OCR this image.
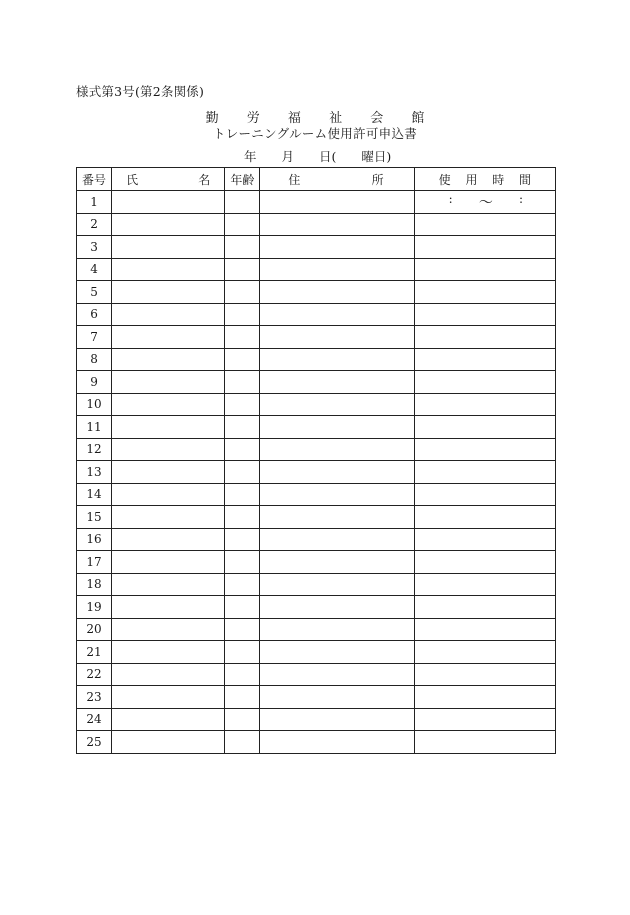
様式第3号(第2条関係)
勤 労 福 祉 会 館
トレーニングルーム使用許可申込書
年　　月　　日(　　曜日)
番号	氏 名	年齢	住 所	使 用 時 間

1				: 〜 :

2				
3				
4				
5				
6				
7				
8				
9				
10				
11				
12				
13				
14				
15				
16				
17				
18				
19				
20				
21				
22				
23				
24				
25				
